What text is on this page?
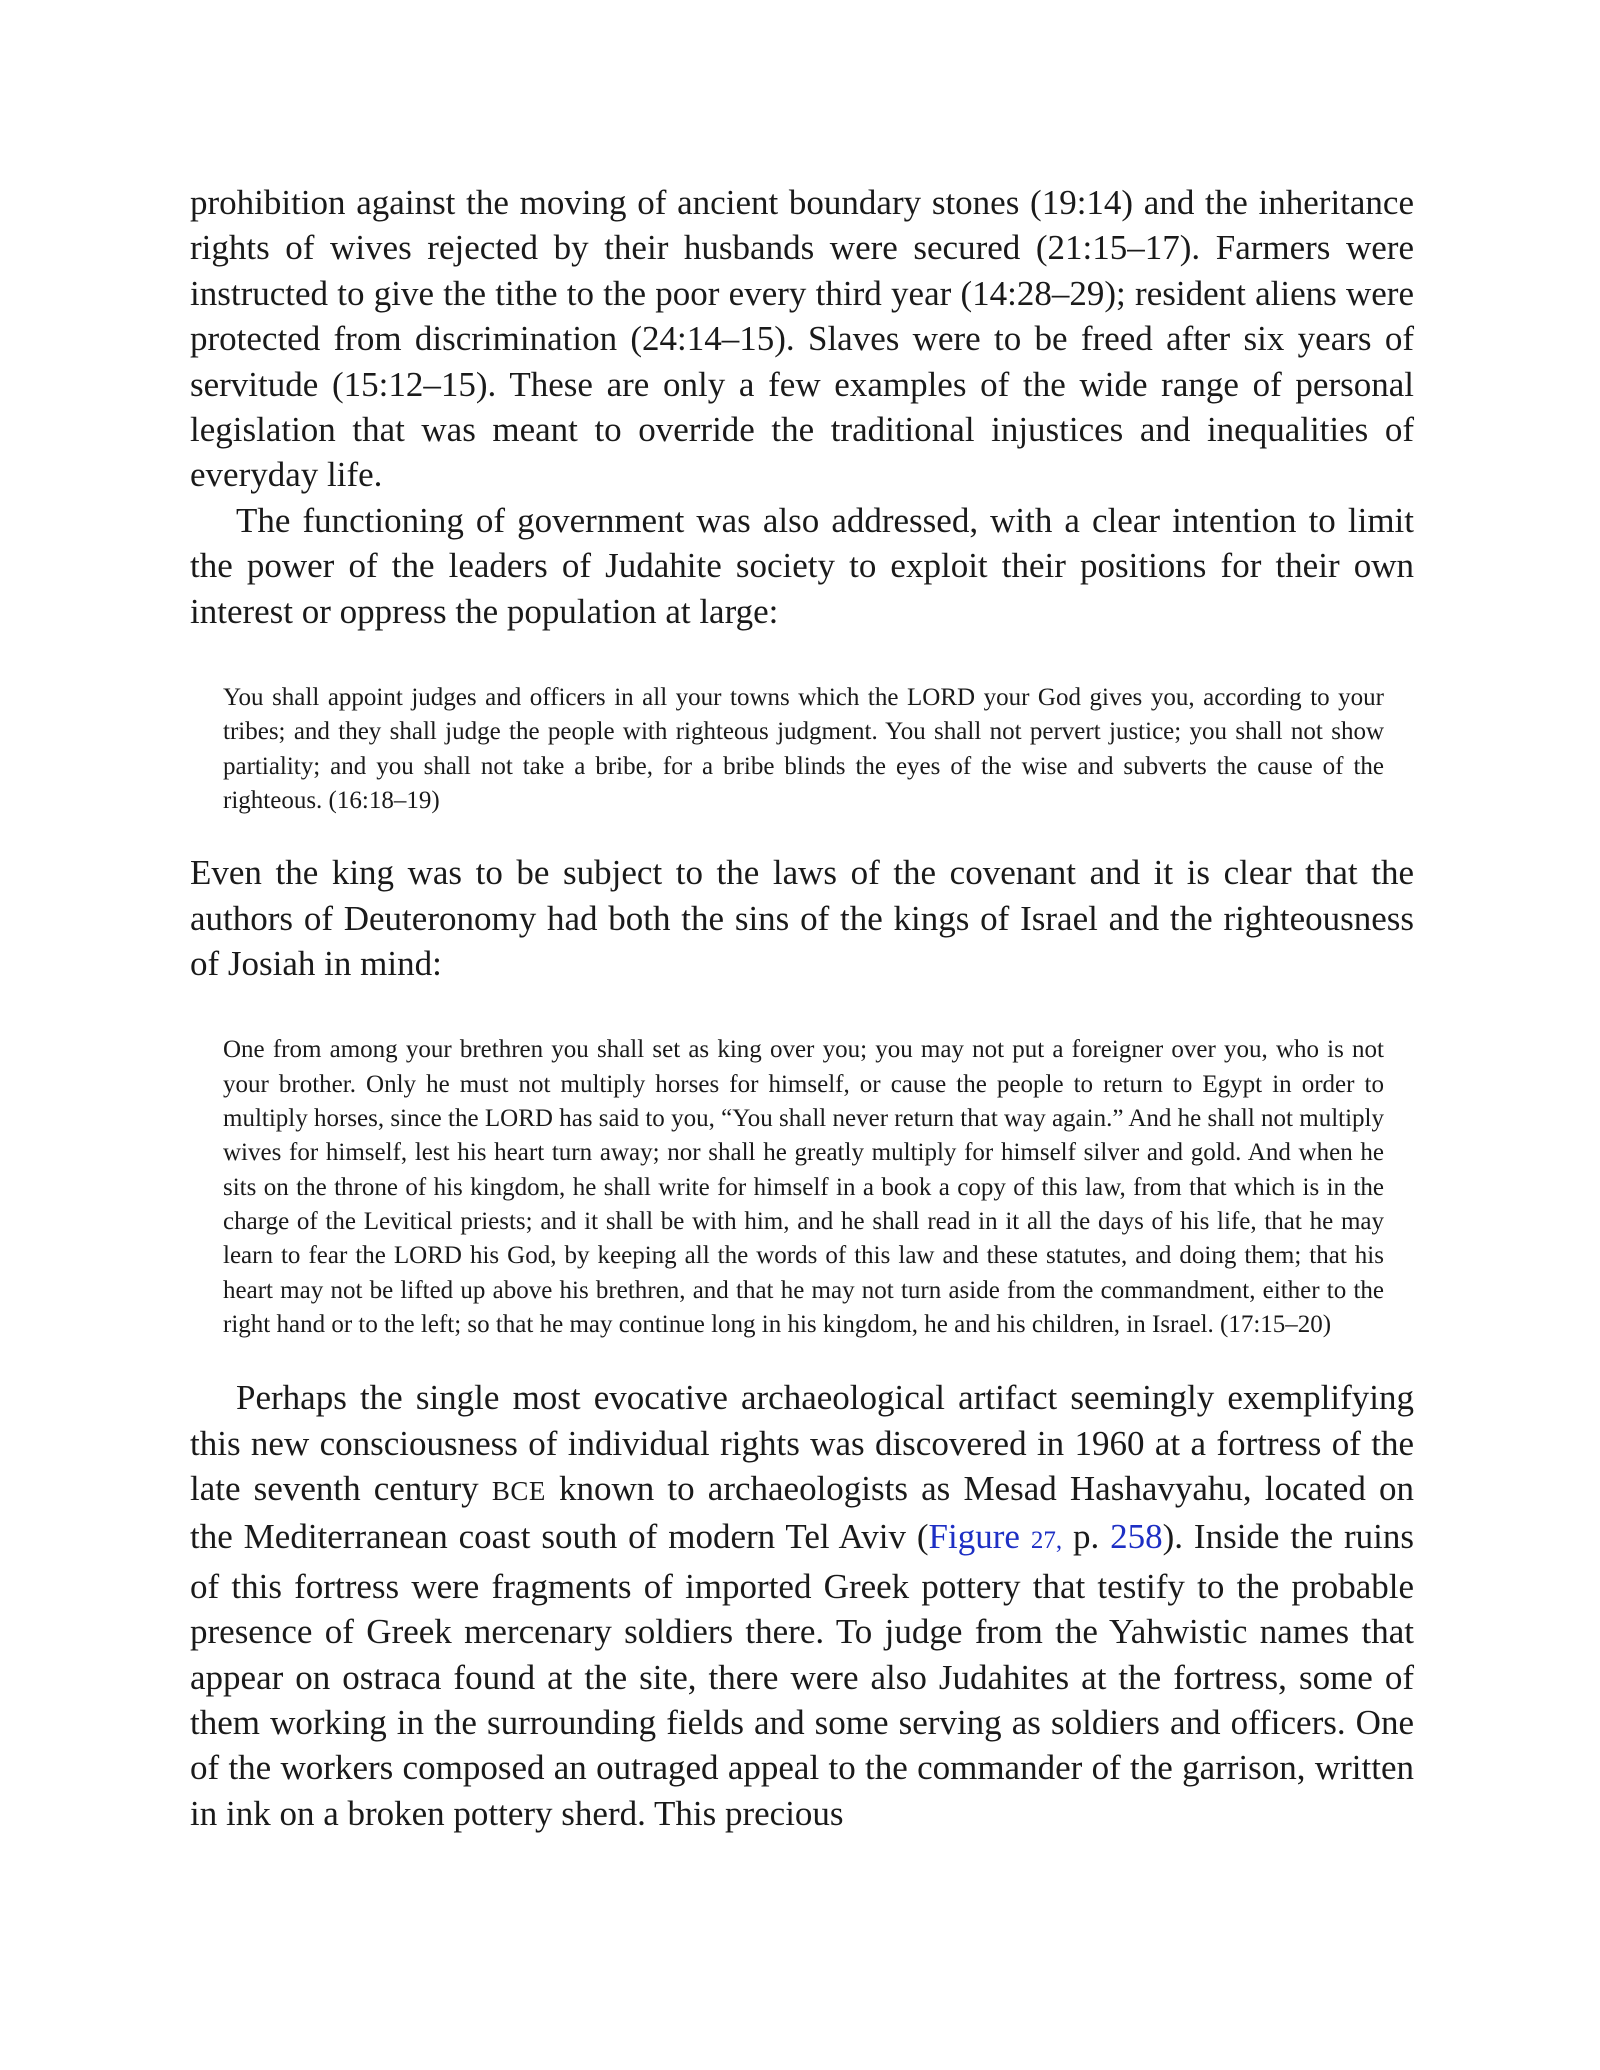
prohibition against the moving of ancient boundary stones (19:14) and the inheritance rights of wives rejected by their husbands were secured (21:15–17). Farmers were instructed to give the tithe to the poor every third year (14:28–29); resident aliens were protected from discrimination (24:14–15). Slaves were to be freed after six years of servitude (15:12–15). These are only a few examples of the wide range of personal legislation that was meant to override the traditional injustices and inequalities of everyday life.

The functioning of government was also addressed, with a clear intention to limit the power of the leaders of Judahite society to exploit their positions for their own interest or oppress the population at large:

You shall appoint judges and officers in all your towns which the LORD your God gives you, according to your tribes; and they shall judge the people with righteous judgment. You shall not pervert justice; you shall not show partiality; and you shall not take a bribe, for a bribe blinds the eyes of the wise and subverts the cause of the righteous. (16:18–19)

Even the king was to be subject to the laws of the covenant and it is clear that the authors of Deuteronomy had both the sins of the kings of Israel and the righteousness of Josiah in mind:

One from among your brethren you shall set as king over you; you may not put a foreigner over you, who is not your brother. Only he must not multiply horses for himself, or cause the people to return to Egypt in order to multiply horses, since the LORD has said to you, “You shall never return that way again.” And he shall not multiply wives for himself, lest his heart turn away; nor shall he greatly multiply for himself silver and gold. And when he sits on the throne of his kingdom, he shall write for himself in a book a copy of this law, from that which is in the charge of the Levitical priests; and it shall be with him, and he shall read in it all the days of his life, that he may learn to fear the LORD his God, by keeping all the words of this law and these statutes, and doing them; that his heart may not be lifted up above his brethren, and that he may not turn aside from the commandment, either to the right hand or to the left; so that he may continue long in his kingdom, he and his children, in Israel. (17:15–20)

Perhaps the single most evocative archaeological artifact seemingly exemplifying this new consciousness of individual rights was discovered in 1960 at a fortress of the late seventh century BCE known to archaeologists as Mesad Hashavyahu, located on the Mediterranean coast south of modern Tel Aviv (Figure 27, p. 258). Inside the ruins of this fortress were fragments of imported Greek pottery that testify to the probable presence of Greek mercenary soldiers there. To judge from the Yahwistic names that appear on ostraca found at the site, there were also Judahites at the fortress, some of them working in the surrounding fields and some serving as soldiers and officers. One of the workers composed an outraged appeal to the commander of the garrison, written in ink on a broken pottery sherd. This precious
